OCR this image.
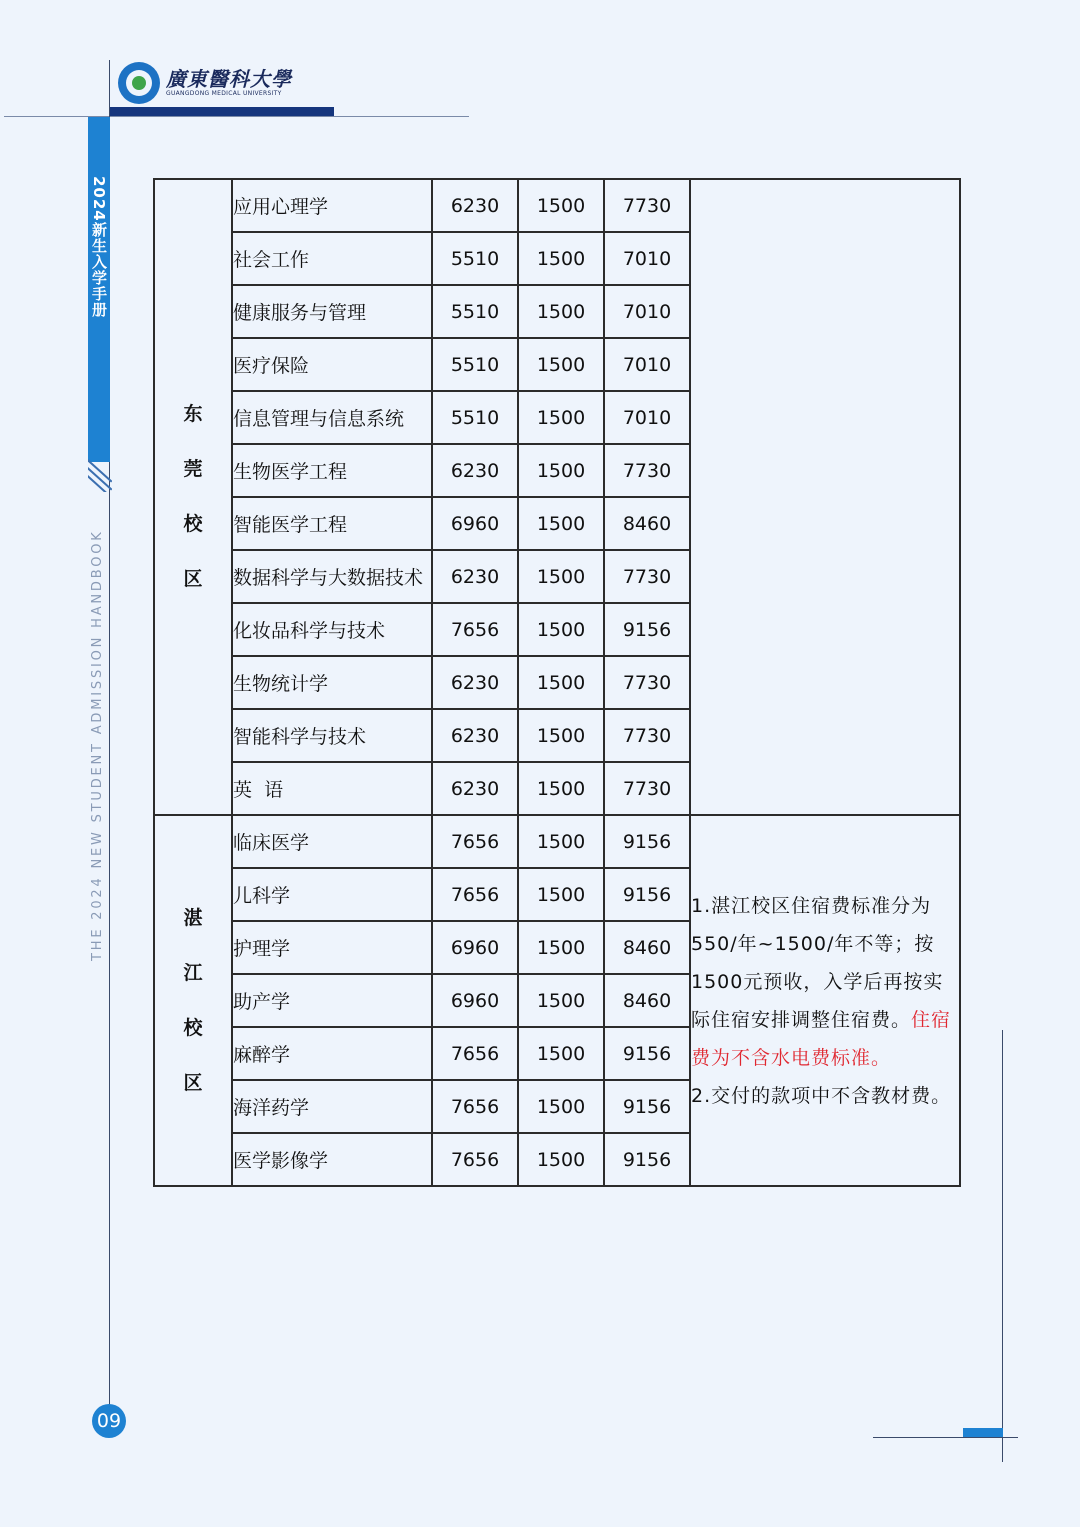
廣東醫科大學
GUANGDONG MEDICAL UNIVERSITY
2024新生入学手册
THE 2024 NEW STUDENT ADMISSION HANDBOOK
09
东莞校区	应用心理学	6230	1500	7730	
	社会工作	5510	1500	7010	
	健康服务与管理	5510	1500	7010	
	医疗保险	5510	1500	7010	
	信息管理与信息系统	5510	1500	7010	
	生物医学工程	6230	1500	7730	
	智能医学工程	6960	1500	8460	
	数据科学与大数据技术	6230	1500	7730	
	化妆品科学与技术	7656	1500	9156	
	生物统计学	6230	1500	7730	
	智能科学与技术	6230	1500	7730	
	英  语	6230	1500	7730	
湛江校区	临床医学	7656	1500	9156	1.湛江校区住宿费标准分为550/年~1500/年不等；按1500元预收，入学后再按实际住宿安排调整住宿费。住宿费为不含水电费标准。
2.交付的款项中不含教材费。
	儿科学	7656	1500	9156	
	护理学	6960	1500	8460	
	助产学	6960	1500	8460	
	麻醉学	7656	1500	9156	
	海洋药学	7656	1500	9156	
	医学影像学	7656	1500	9156	
